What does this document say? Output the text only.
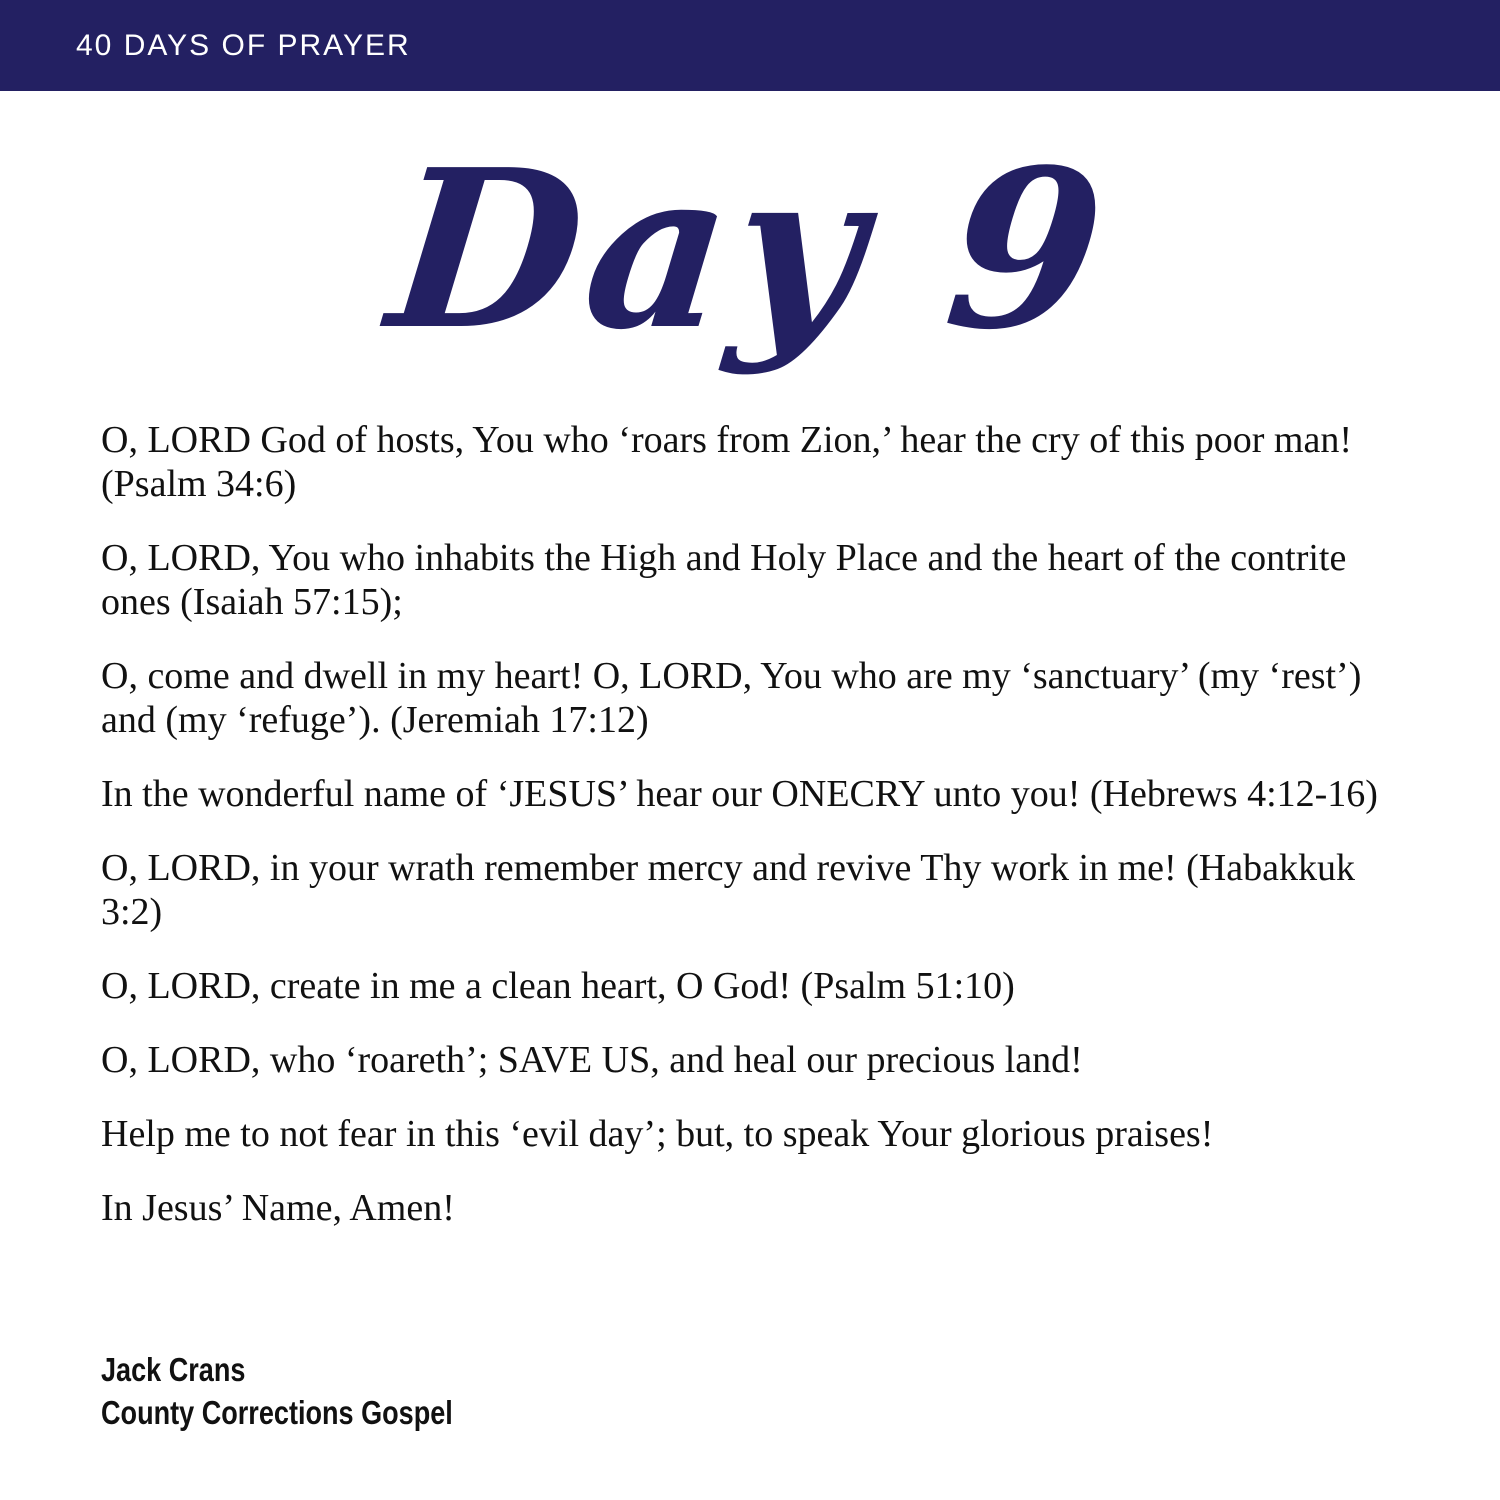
40 DAYS OF PRAYER
Day 9

O, LORD God of hosts, You who ‘roars from Zion,’ hear the cry of this poor man! (Psalm 34:6)

O, LORD, You who inhabits the High and Holy Place and the heart of the contrite ones (Isaiah 57:15);

O, come and dwell in my heart! O, LORD, You who are my ‘sanctuary’ (my ‘rest’) and (my ‘refuge’). (Jeremiah 17:12)

In the wonderful name of ‘JESUS’ hear our ONECRY unto you! (Hebrews 4:12-16)

O, LORD, in your wrath remember mercy and revive Thy work in me! (Habakkuk 3:2)

O, LORD, create in me a clean heart, O God! (Psalm 51:10)

O, LORD, who ‘roareth’; SAVE US, and heal our precious land!

Help me to not fear in this ‘evil day’; but, to speak Your glorious praises!

In Jesus’ Name, Amen!

Jack Crans
County Corrections Gospel
